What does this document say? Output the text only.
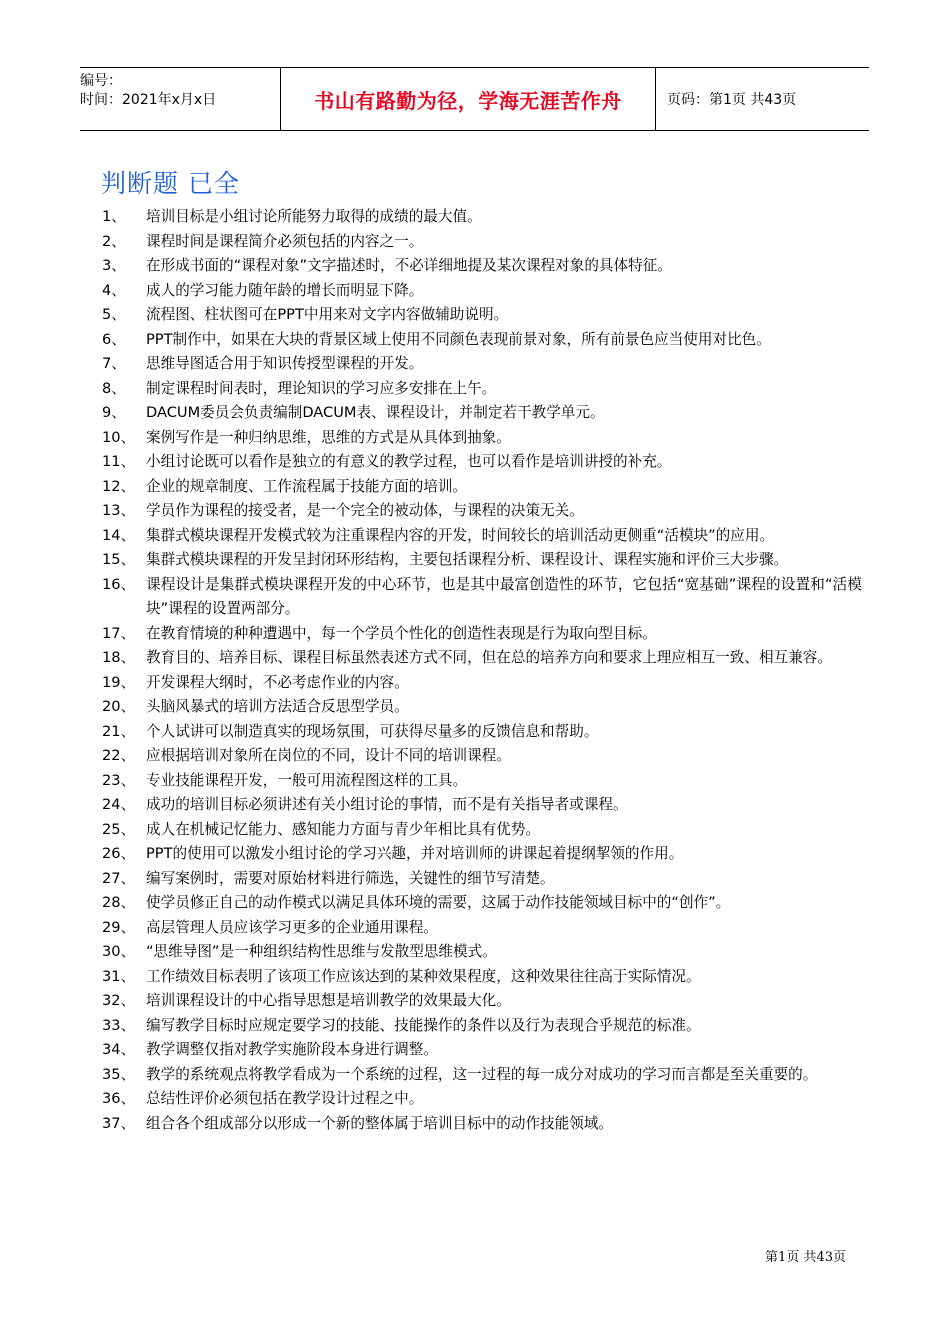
编号：
时间：2021年x月x日	书山有路勤为径，学海无涯苦作舟	页码：第1页 共43页
判断题 已全
1、	培训目标是小组讨论所能努力取得的成绩的最大值。
2、	课程时间是课程简介必须包括的内容之一。
3、	在形成书面的“课程对象”文字描述时，不必详细地提及某次课程对象的具体特征。
4、	成人的学习能力随年龄的增长而明显下降。
5、	流程图、柱状图可在PPT中用来对文字内容做辅助说明。
6、	PPT制作中，如果在大块的背景区域上使用不同颜色表现前景对象，所有前景色应当使用对比色。
7、	思维导图适合用于知识传授型课程的开发。
8、	制定课程时间表时，理论知识的学习应多安排在上午。
9、	DACUM委员会负责编制DACUM表、课程设计，并制定若干教学单元。
10、 案例写作是一种归纳思维，思维的方式是从具体到抽象。
11、 小组讨论既可以看作是独立的有意义的教学过程，也可以看作是培训讲授的补充。
12、 企业的规章制度、工作流程属于技能方面的培训。
13、 学员作为课程的接受者，是一个完全的被动体，与课程的决策无关。
14、 集群式模块课程开发模式较为注重课程内容的开发，时间较长的培训活动更侧重“活模块”的应用。
15、 集群式模块课程的开发呈封闭环形结构，主要包括课程分析、课程设计、课程实施和评价三大步骤。
16、 课程设计是集群式模块课程开发的中心环节，也是其中最富创造性的环节，它包括“宽基础”课程的设置和“活模块”课程的设置两部分。
17、 在教育情境的种种遭遇中，每一个学员个性化的创造性表现是行为取向型目标。
18、 教育目的、培养目标、课程目标虽然表述方式不同，但在总的培养方向和要求上理应相互一致、相互兼容。
19、 开发课程大纲时，不必考虑作业的内容。
20、 头脑风暴式的培训方法适合反思型学员。
21、 个人试讲可以制造真实的现场氛围，可获得尽量多的反馈信息和帮助。
22、 应根据培训对象所在岗位的不同，设计不同的培训课程。
23、 专业技能课程开发，一般可用流程图这样的工具。
24、 成功的培训目标必须讲述有关小组讨论的事情，而不是有关指导者或课程。
25、 成人在机械记忆能力、感知能力方面与青少年相比具有优势。
26、 PPT的使用可以激发小组讨论的学习兴趣，并对培训师的讲课起着提纲挈领的作用。
27、 编写案例时，需要对原始材料进行筛选，关键性的细节写清楚。
28、 使学员修正自己的动作模式以满足具体环境的需要，这属于动作技能领域目标中的“创作”。
29、 高层管理人员应该学习更多的企业通用课程。
30、 “思维导图”是一种组织结构性思维与发散型思维模式。
31、 工作绩效目标表明了该项工作应该达到的某种效果程度，这种效果往往高于实际情况。
32、 培训课程设计的中心指导思想是培训教学的效果最大化。
33、 编写教学目标时应规定要学习的技能、技能操作的条件以及行为表现合乎规范的标准。
34、 教学调整仅指对教学实施阶段本身进行调整。
35、 教学的系统观点将教学看成为一个系统的过程，这一过程的每一成分对成功的学习而言都是至关重要的。
36、 总结性评价必须包括在教学设计过程之中。
37、 组合各个组成部分以形成一个新的整体属于培训目标中的动作技能领域。
第1页 共43页
